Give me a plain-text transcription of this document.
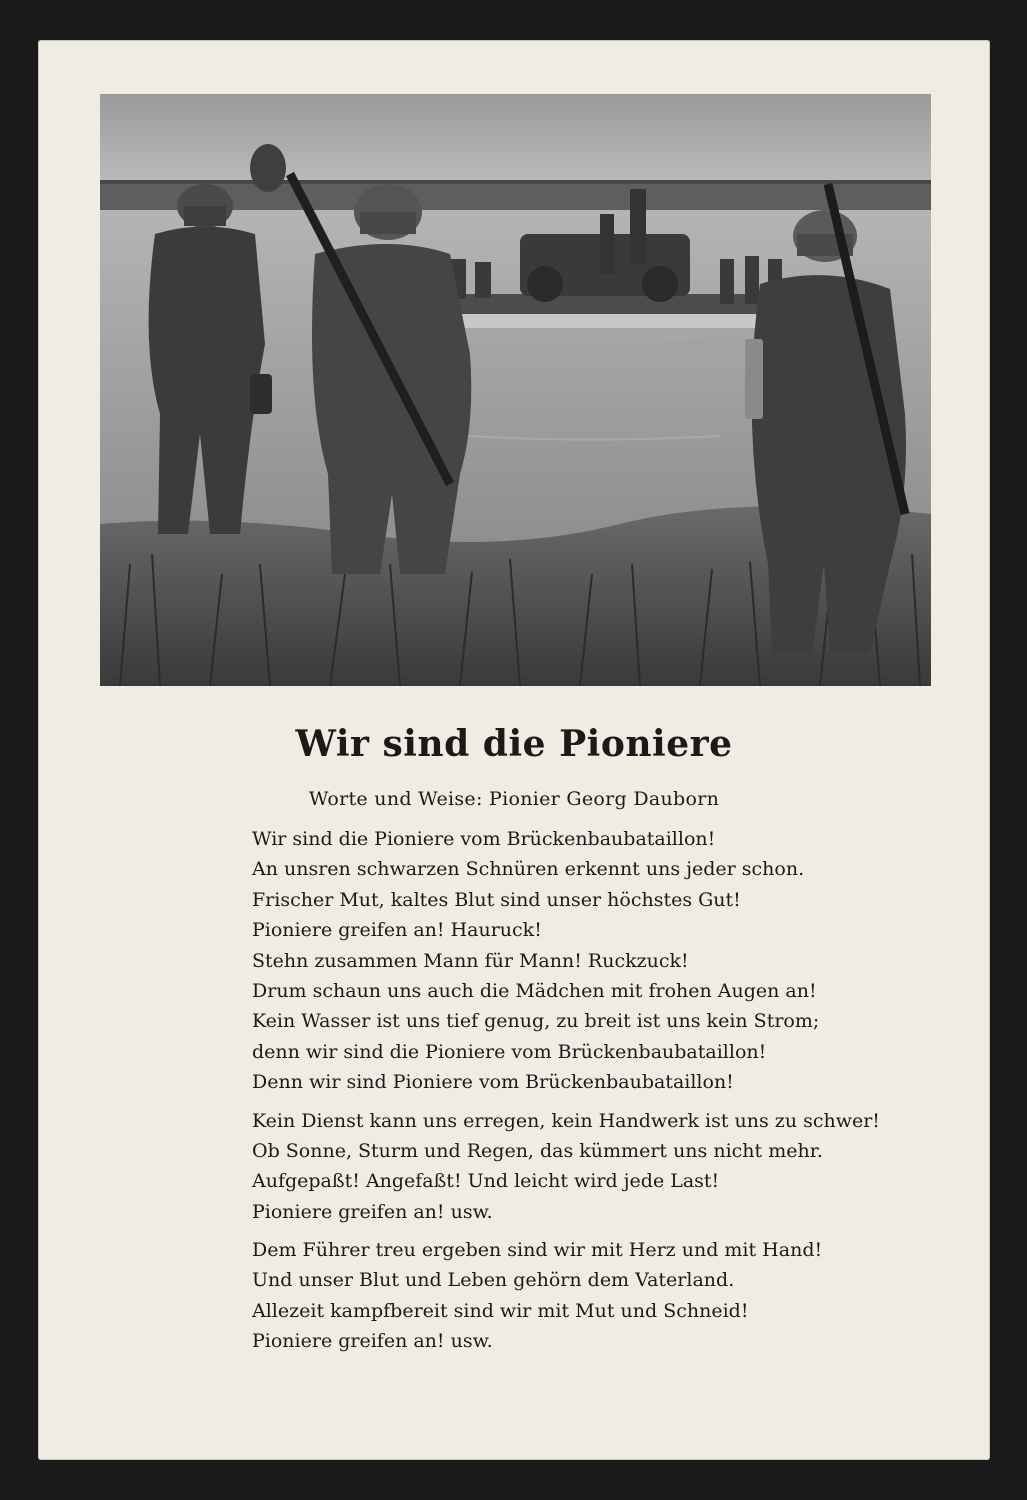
Wir sind die Pioniere
Worte und Weise: Pionier Georg Dauborn
Wir sind die Pioniere vom Brückenbaubataillon!
An unsren schwarzen Schnüren erkennt uns jeder schon.
Frischer Mut, kaltes Blut sind unser höchstes Gut!
Pioniere greifen an! Hauruck!
Stehn zusammen Mann für Mann! Ruckzuck!
Drum schaun uns auch die Mädchen mit frohen Augen an!
Kein Wasser ist uns tief genug, zu breit ist uns kein Strom;
denn wir sind die Pioniere vom Brückenbaubataillon!
Denn wir sind Pioniere vom Brückenbaubataillon!
Kein Dienst kann uns erregen, kein Handwerk ist uns zu schwer!
Ob Sonne, Sturm und Regen, das kümmert uns nicht mehr.
Aufgepaßt! Angefaßt! Und leicht wird jede Last!
Pioniere greifen an! usw.
Dem Führer treu ergeben sind wir mit Herz und mit Hand!
Und unser Blut und Leben gehörn dem Vaterland.
Allezeit kampfbereit sind wir mit Mut und Schneid!
Pioniere greifen an! usw.
